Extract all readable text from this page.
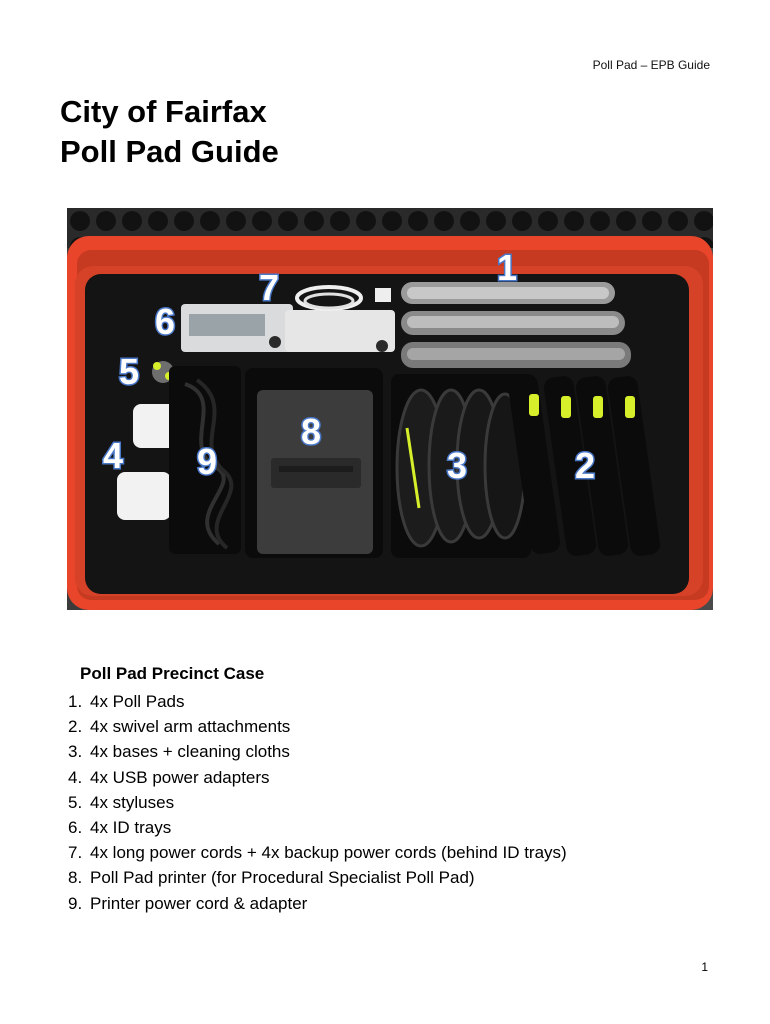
Poll Pad – EPB Guide
City of Fairfax
Poll Pad Guide
1
2
3
4
5
6
7
8
9
Poll Pad Precinct Case
1. 4x Poll Pads
2. 4x swivel arm attachments
3. 4x bases + cleaning cloths
4. 4x USB power adapters
5. 4x styluses
6. 4x ID trays
7. 4x long power cords + 4x backup power cords (behind ID trays)
8. Poll Pad printer (for Procedural Specialist Poll Pad)
9. Printer power cord & adapter
1
